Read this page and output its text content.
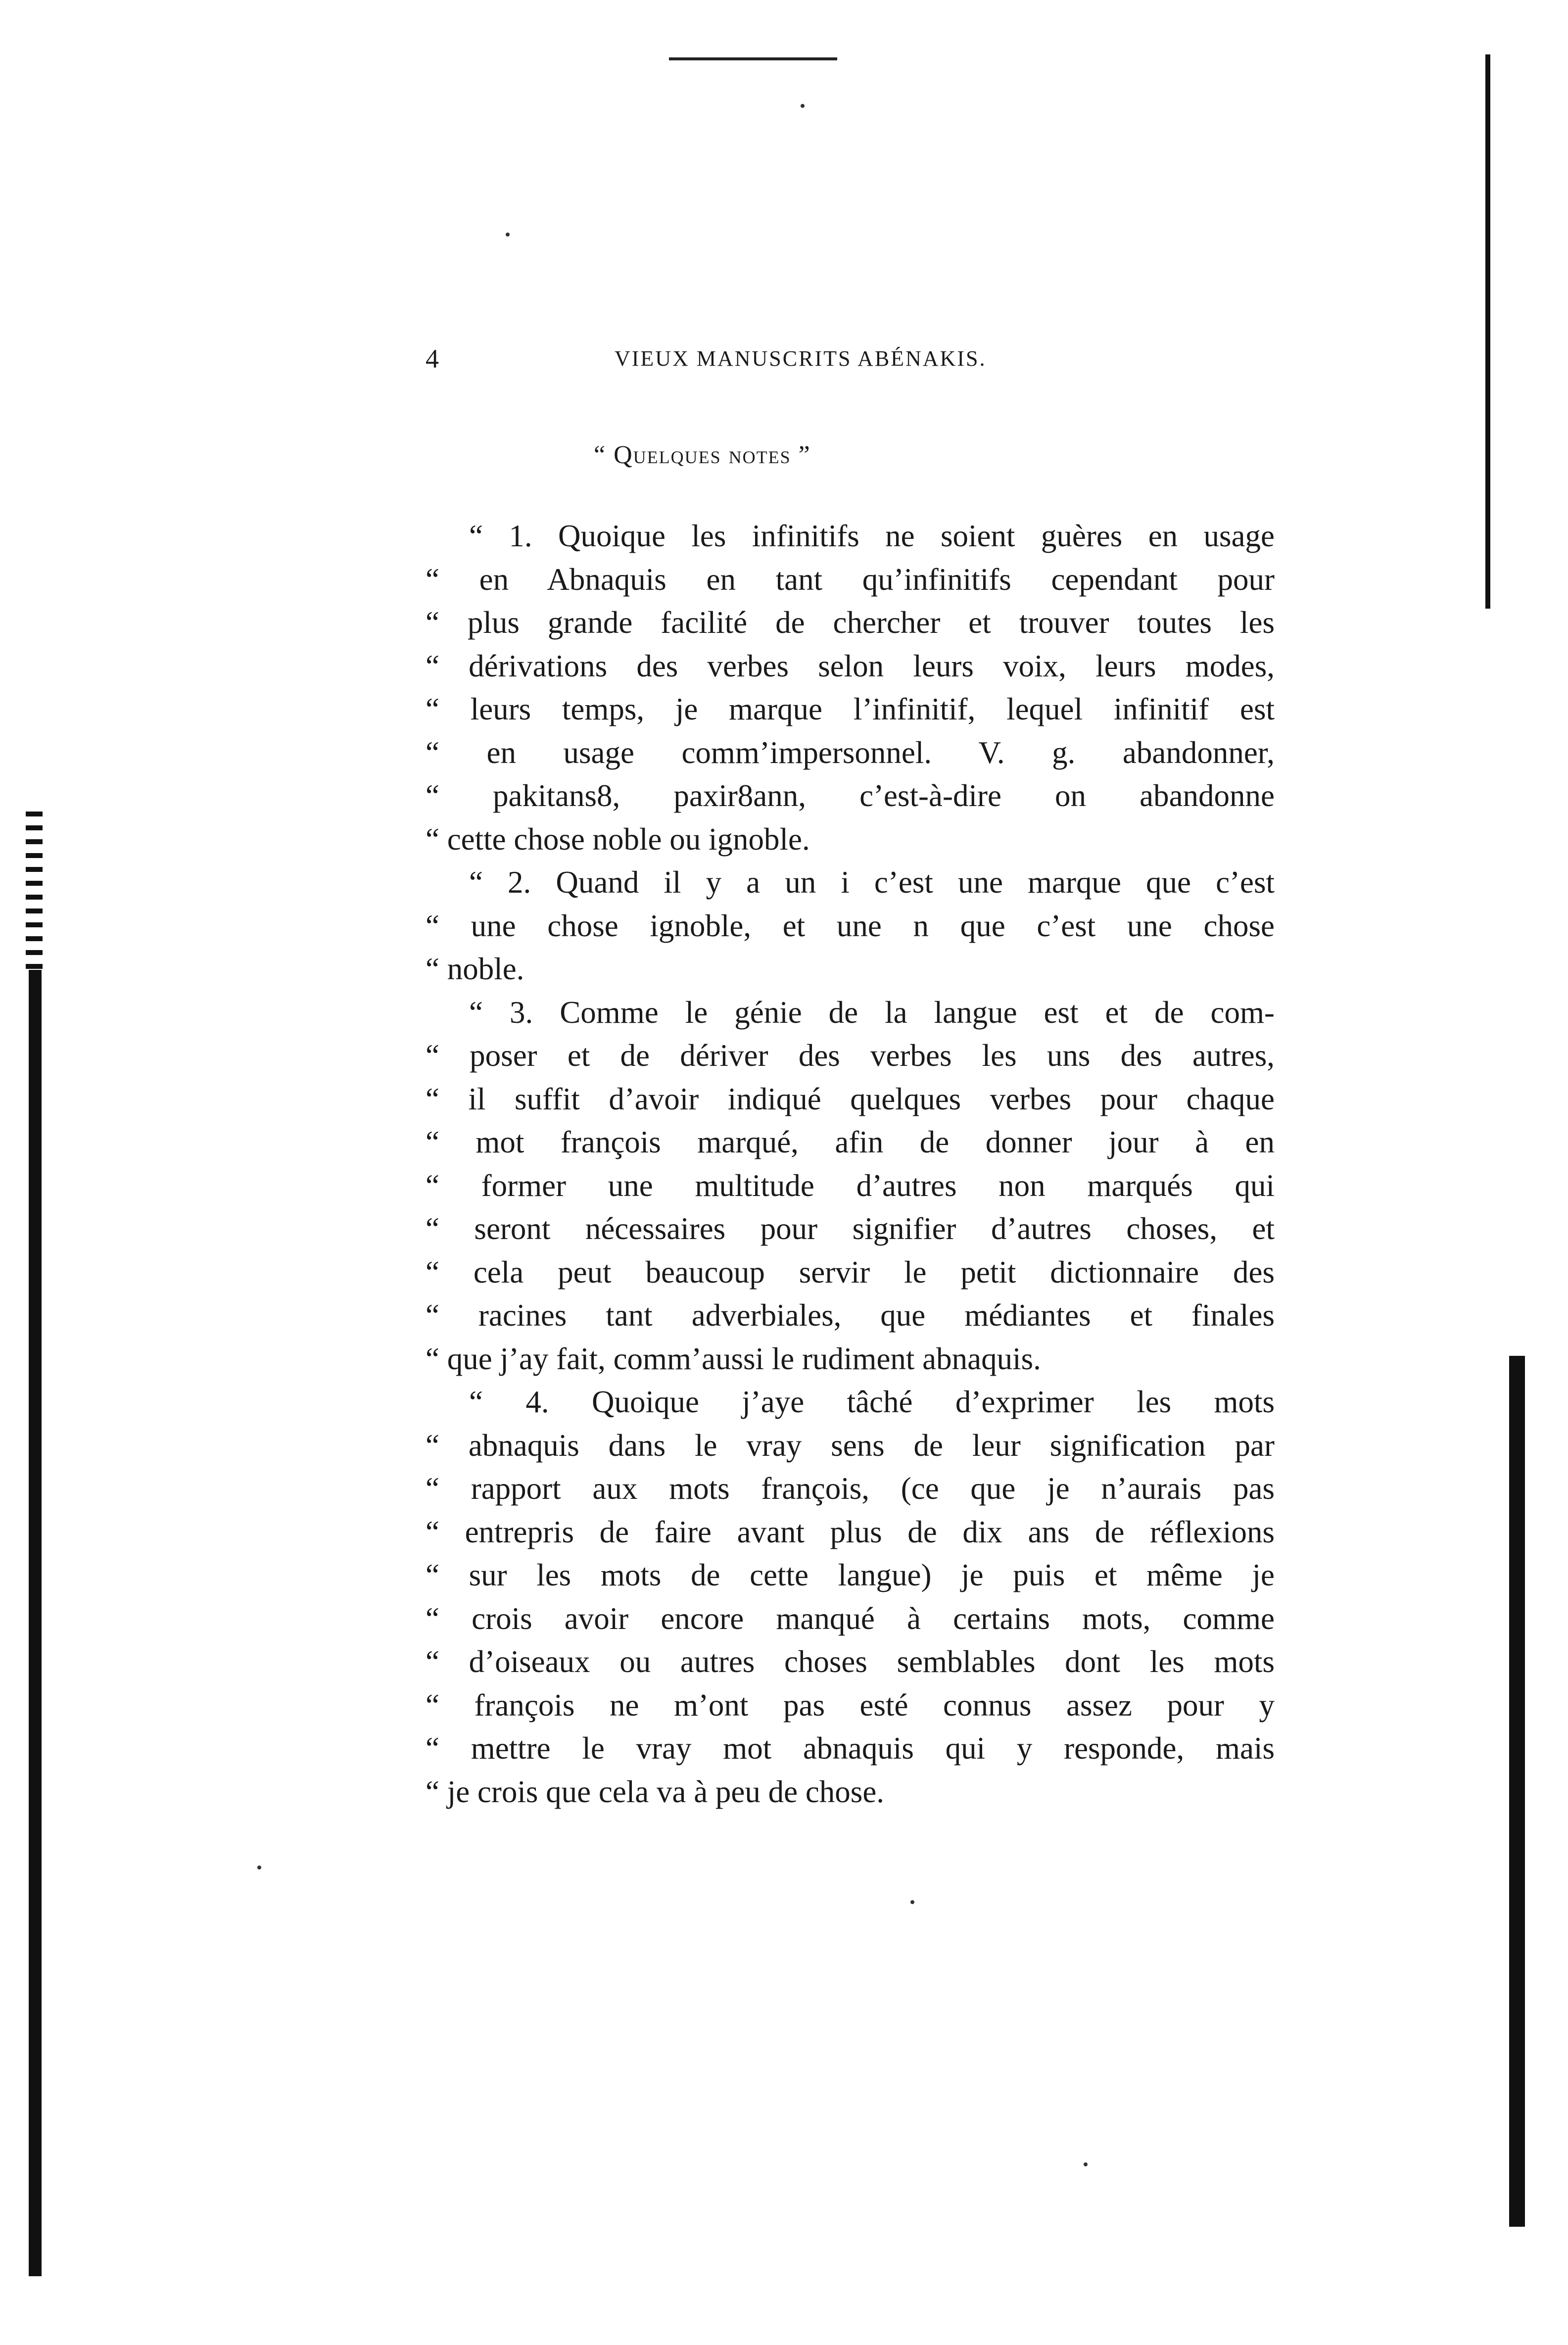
4	VIEUX MANUSCRITS ABÉNAKIS.
“ Quelques notes ”
“ 1. Quoique les infinitifs ne soient guères en usage
“ en Abnaquis en tant qu’infinitifs cependant pour
“ plus grande facilité de chercher et trouver toutes les
“ dérivations des verbes selon leurs voix, leurs modes,
“ leurs temps, je marque l’infinitif, lequel infinitif est
“ en usage comm’impersonnel. V. g. abandonner,
“ pakitans8, paxir8ann, c’est-à-dire on abandonne
“ cette chose noble ou ignoble.
“ 2. Quand il y a un i c’est une marque que c’est
“ une chose ignoble, et une n que c’est une chose
“ noble.
“ 3. Comme le génie de la langue est et de com-
“ poser et de dériver des verbes les uns des autres,
“ il suffit d’avoir indiqué quelques verbes pour chaque
“ mot françois marqué, afin de donner jour à en
“ former une multitude d’autres non marqués qui
“ seront nécessaires pour signifier d’autres choses, et
“ cela peut beaucoup servir le petit dictionnaire des
“ racines tant adverbiales, que médiantes et finales
“ que j’ay fait, comm’aussi le rudiment abnaquis.
“ 4. Quoique j’aye tâché d’exprimer les mots
“ abnaquis dans le vray sens de leur signification par
“ rapport aux mots françois, (ce que je n’aurais pas
“ entrepris de faire avant plus de dix ans de réflexions
“ sur les mots de cette langue) je puis et même je
“ crois avoir encore manqué à certains mots, comme
“ d’oiseaux ou autres choses semblables dont les mots
“ françois ne m’ont pas esté connus assez pour y
“ mettre le vray mot abnaquis qui y responde, mais
“ je crois que cela va à peu de chose.
